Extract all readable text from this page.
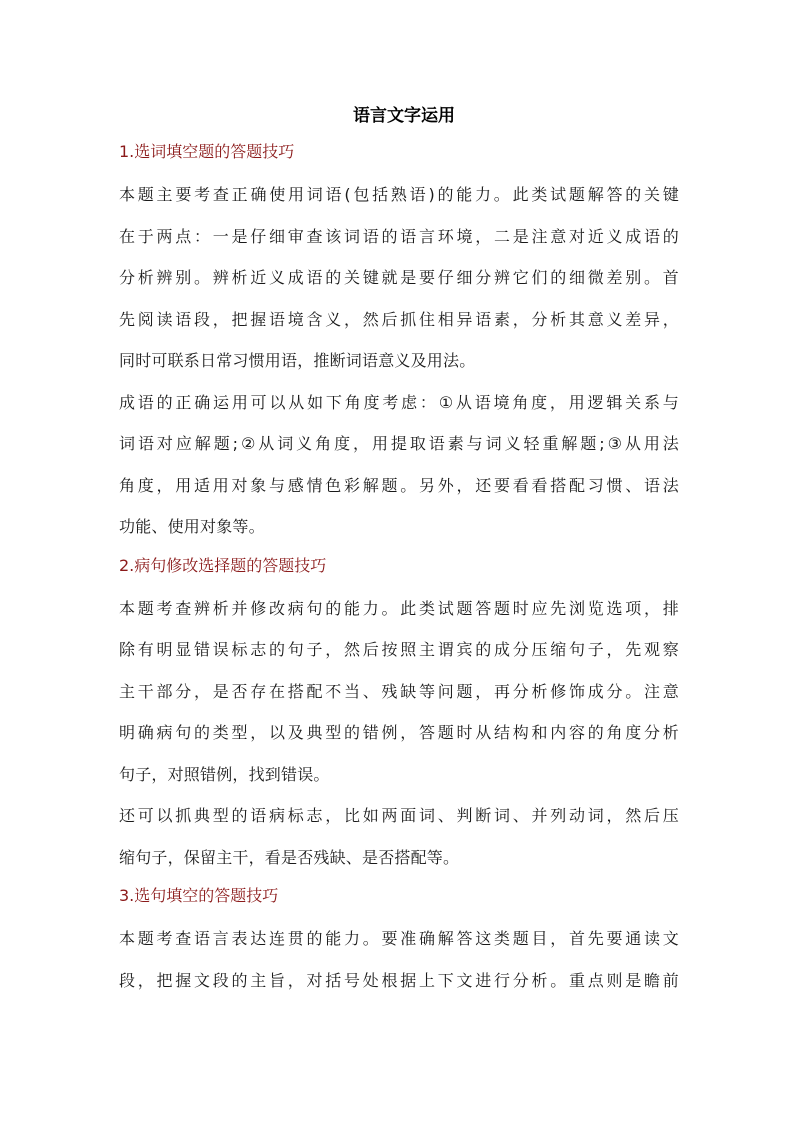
语言文字运用
1.选词填空题的答题技巧
本题主要考查正确使用词语(包括熟语)的能力。此类试题解答的关键
在于两点：一是仔细审查该词语的语言环境，二是注意对近义成语的
分析辨别。辨析近义成语的关键就是要仔细分辨它们的细微差别。首
先阅读语段，把握语境含义，然后抓住相异语素，分析其意义差异，
同时可联系日常习惯用语，推断词语意义及用法。
成语的正确运用可以从如下角度考虑：①从语境角度，用逻辑关系与
词语对应解题;②从词义角度，用提取语素与词义轻重解题;③从用法
角度，用适用对象与感情色彩解题。另外，还要看看搭配习惯、语法
功能、使用对象等。
2.病句修改选择题的答题技巧
本题考查辨析并修改病句的能力。此类试题答题时应先浏览选项，排
除有明显错误标志的句子，然后按照主谓宾的成分压缩句子，先观察
主干部分，是否存在搭配不当、残缺等问题，再分析修饰成分。注意
明确病句的类型，以及典型的错例，答题时从结构和内容的角度分析
句子，对照错例，找到错误。
还可以抓典型的语病标志，比如两面词、判断词、并列动词，然后压
缩句子，保留主干，看是否残缺、是否搭配等。
3.选句填空的答题技巧
本题考查语言表达连贯的能力。要准确解答这类题目，首先要通读文
段，把握文段的主旨，对括号处根据上下文进行分析。重点则是瞻前
